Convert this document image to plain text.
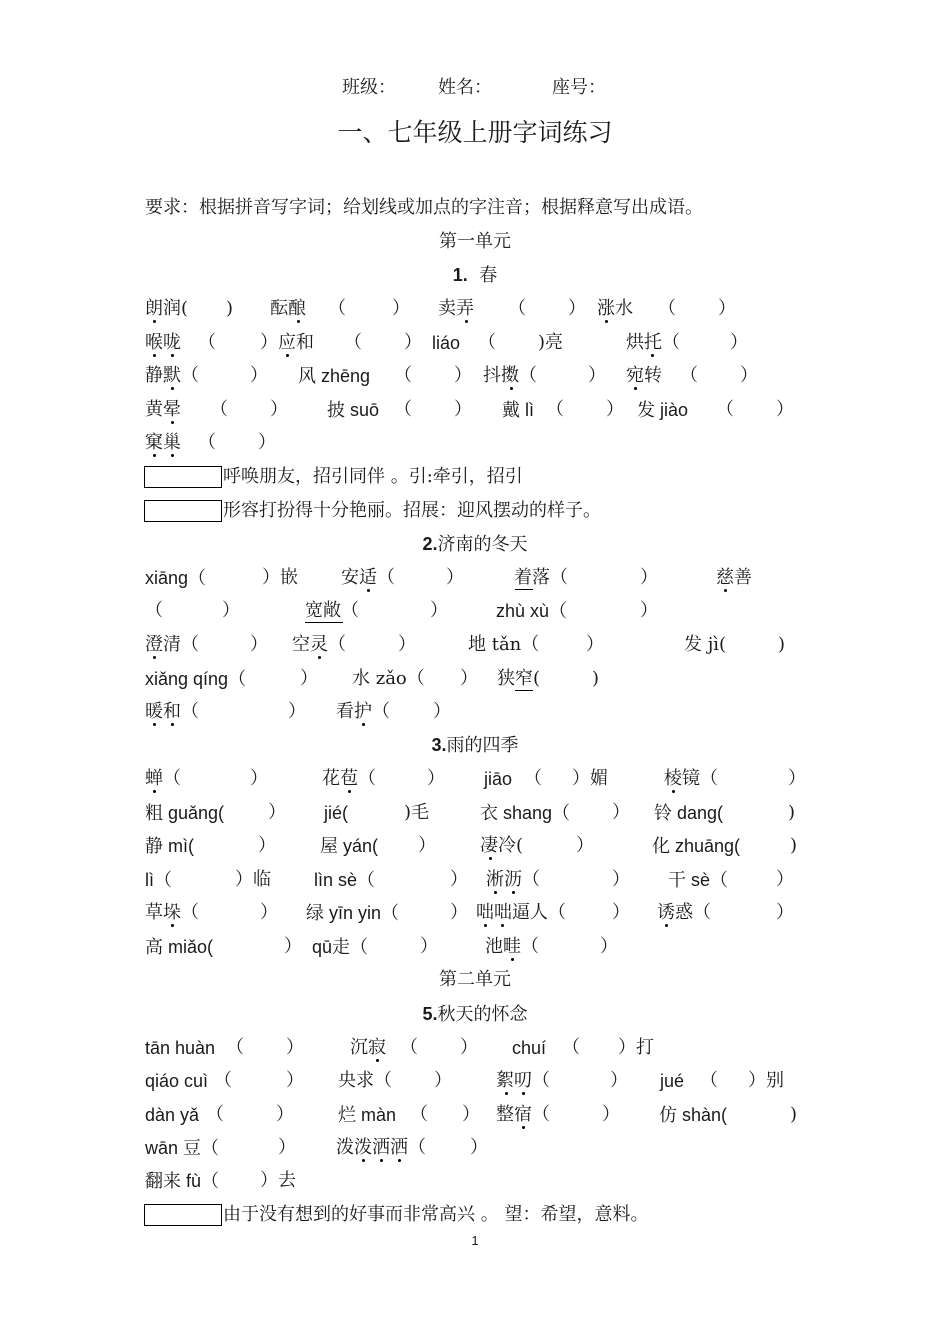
班级： 姓名：	座号：
一、七年级上册字词练习
要求：根据拼音写字词；给划线或加点的字注音；根据释意写出成语。
第一单元
1. 春
朗润( ) 酝酿 （	） 卖弄 （ ） 涨水 （ ）
喉咙 （ ）应和 （ ） liáo （ )亮	烘托（	）
静默（	） 风 zhēng （ ） 抖擞（	） 宛转 （ ）
黄晕 （ ） 披 suō （ ） 戴 lì （ ） 发 jiào （ ）
窠巢 （ ）
呼唤朋友，招引同伴 。引:牵引，招引
形容打扮得十分艳丽。招展：迎风摆动的样子。
2.济南的冬天
xiāng（	）嵌 安适（	）	着落（	）	慈善
（	）	宽敞（	）	zhù xù（	）
澄清（	） 空灵（	）	地 tǎn（	）	发 jì(	)
xiǎng qíng（	） 水 zǎo（ ） 狭窄(	)
暖和（	） 看护（ ）
3.雨的四季
蝉（	）	花苞（	） jiāo （ ）媚	棱镜（	）
粗 guǎng( ） jié(	)毛	衣 shang（ ） 铃 dang(	)
静 mì(	） 屋 yán( ） 凄冷(	）	化 zhuāng(	)
lì（	）临 lìn sè（	） 淅沥（	） 干 sè（	）
草垛（	） 绿 yīn yin（	） 咄咄逼人（	） 诱惑（	）
高 miǎo(	） qū走（	）	池畦（	）
第二单元
5.秋天的怀念
tān huàn （ ）	沉寂 （ ） chuí （ ）打
qiáo cuì （	） 央求（ ） 絮叨（	） jué （ ）别
dàn yǎ （	） 烂 màn （ ） 整宿（	） 仿 shàn(	)
wān 豆（	） 泼泼洒洒（ ）
翻来 fù（ ）去
由于没有想到的好事而非常高兴 。 望：希望，意料。
1
